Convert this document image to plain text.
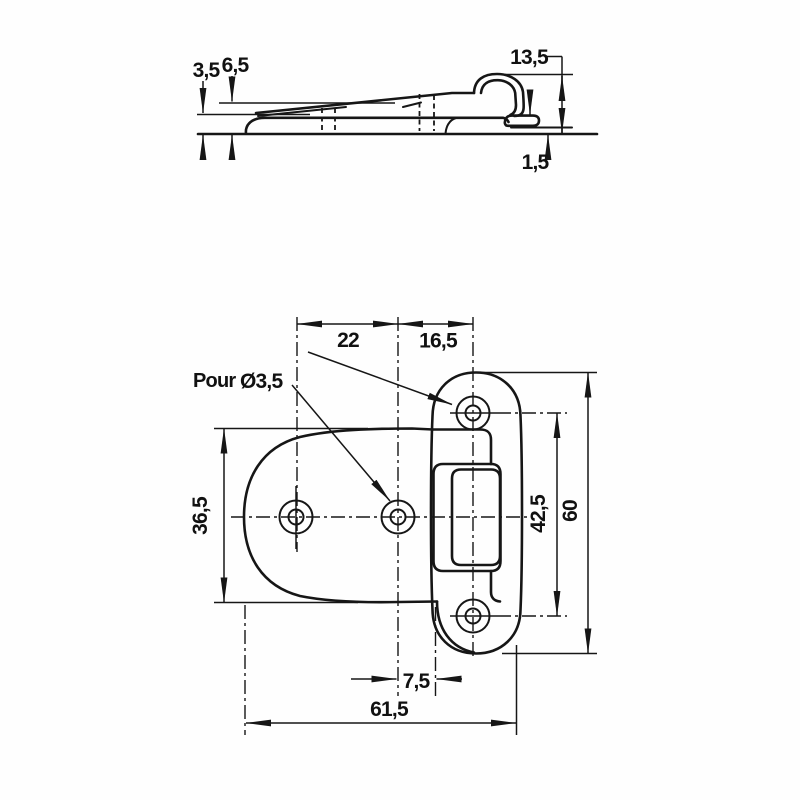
3,5 6,5	13,5
1,5
22	16,5
36,5	42,5 60
7,5
61,5
Pour Ø3,5
